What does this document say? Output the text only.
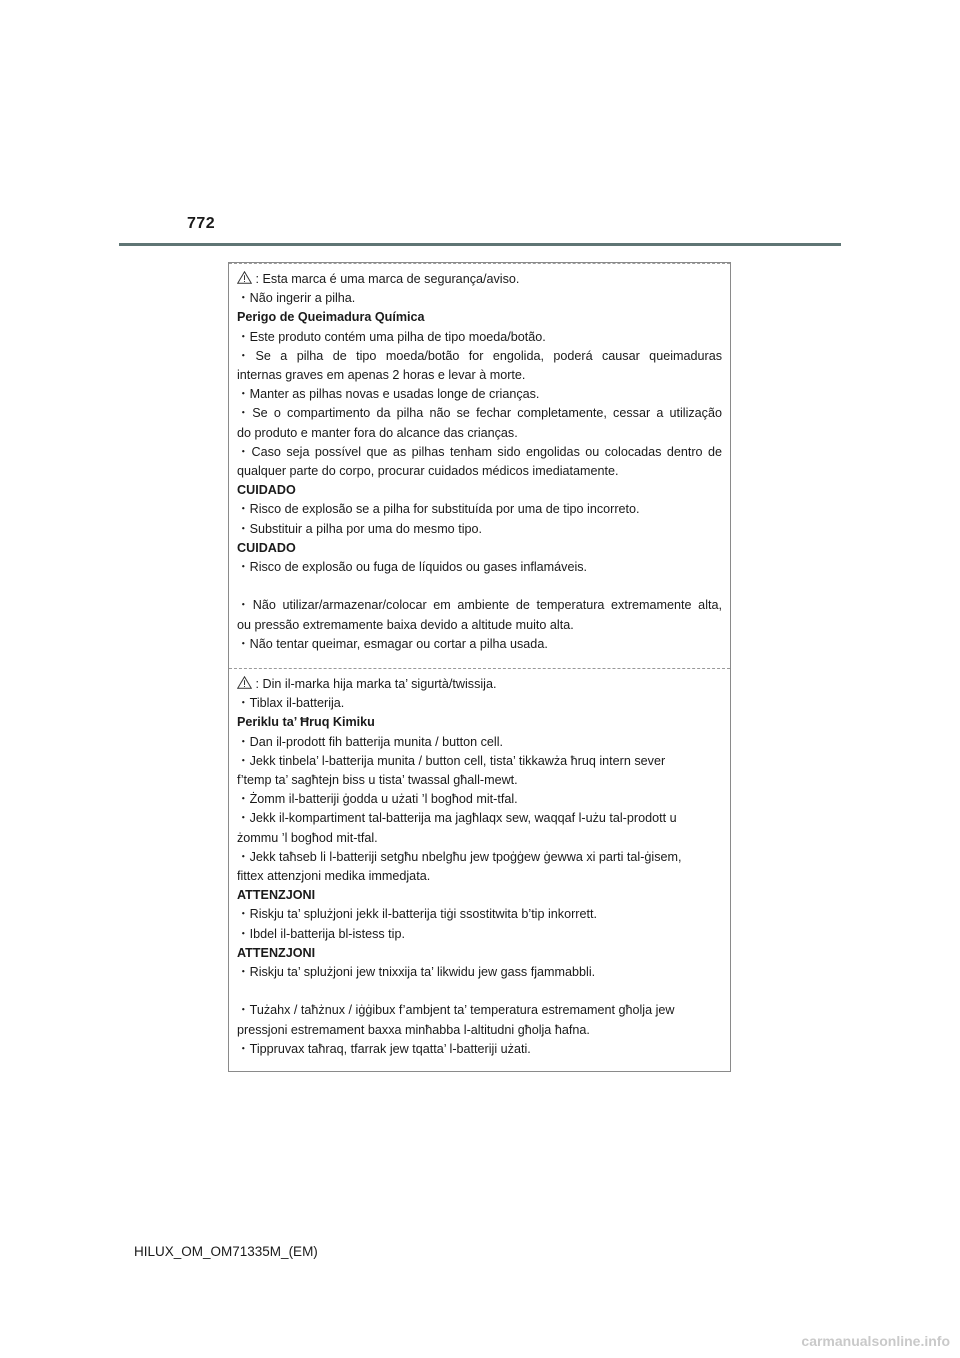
772
: Esta marca é uma marca de segurança/aviso.
・Não ingerir a pilha.
Perigo de Queimadura Química
・Este produto contém uma pilha de tipo moeda/botão.
・Se a pilha de tipo moeda/botão for engolida, poderá causar queimaduras
internas graves em apenas 2 horas e levar à morte.
・Manter as pilhas novas e usadas longe de crianças.
・Se o compartimento da pilha não se fechar completamente, cessar a utilização
do produto e manter fora do alcance das crianças.
・Caso seja possível que as pilhas tenham sido engolidas ou colocadas dentro de
qualquer parte do corpo, procurar cuidados médicos imediatamente.
CUIDADO
・Risco de explosão se a pilha for substituída por uma de tipo incorreto.
・Substituir a pilha por uma do mesmo tipo.
CUIDADO
・Risco de explosão ou fuga de líquidos ou gases inflamáveis.
・Não utilizar/armazenar/colocar em ambiente de temperatura extremamente alta,
ou pressão extremamente baixa devido a altitude muito alta.
・Não tentar queimar, esmagar ou cortar a pilha usada.
: Din il-marka hija marka ta’ sigurtà/twissija.
・Tiblax il-batterija.
Periklu ta’ Ħruq Kimiku
・Dan il-prodott fih batterija munita / button cell.
・Jekk tinbela’ l-batterija munita / button cell, tista’ tikkawża ħruq intern sever
f’temp ta’ sagħtejn biss u tista’ twassal għall-mewt.
・Żomm il-batteriji ġodda u użati ’l bogħod mit-tfal.
・Jekk il-kompartiment tal-batterija ma jagħlaqx sew, waqqaf l-użu tal-prodott u
żommu ’l bogħod mit-tfal.
・Jekk taħseb li l-batteriji setgħu nbelgħu jew tpoġġew ġewwa xi parti tal-ġisem,
fittex attenzjoni medika immedjata.
ATTENZJONI
・Riskju ta’ splużjoni jekk il-batterija tiġi ssostitwita b’tip inkorrett.
・Ibdel il-batterija bl-istess tip.
ATTENZJONI
・Riskju ta’ splużjoni jew tnixxija ta’ likwidu jew gass fjammabbli.
・Tużahx / taħżnux / iġġibux f’ambjent ta’ temperatura estremament għolja jew
pressjoni estremament baxxa minħabba l-altitudni għolja ħafna.
・Tippruvax taħraq, tfarrak jew tqatta’ l-batteriji użati.
HILUX_OM_OM71335M_(EM)
carmanualsonline.info
